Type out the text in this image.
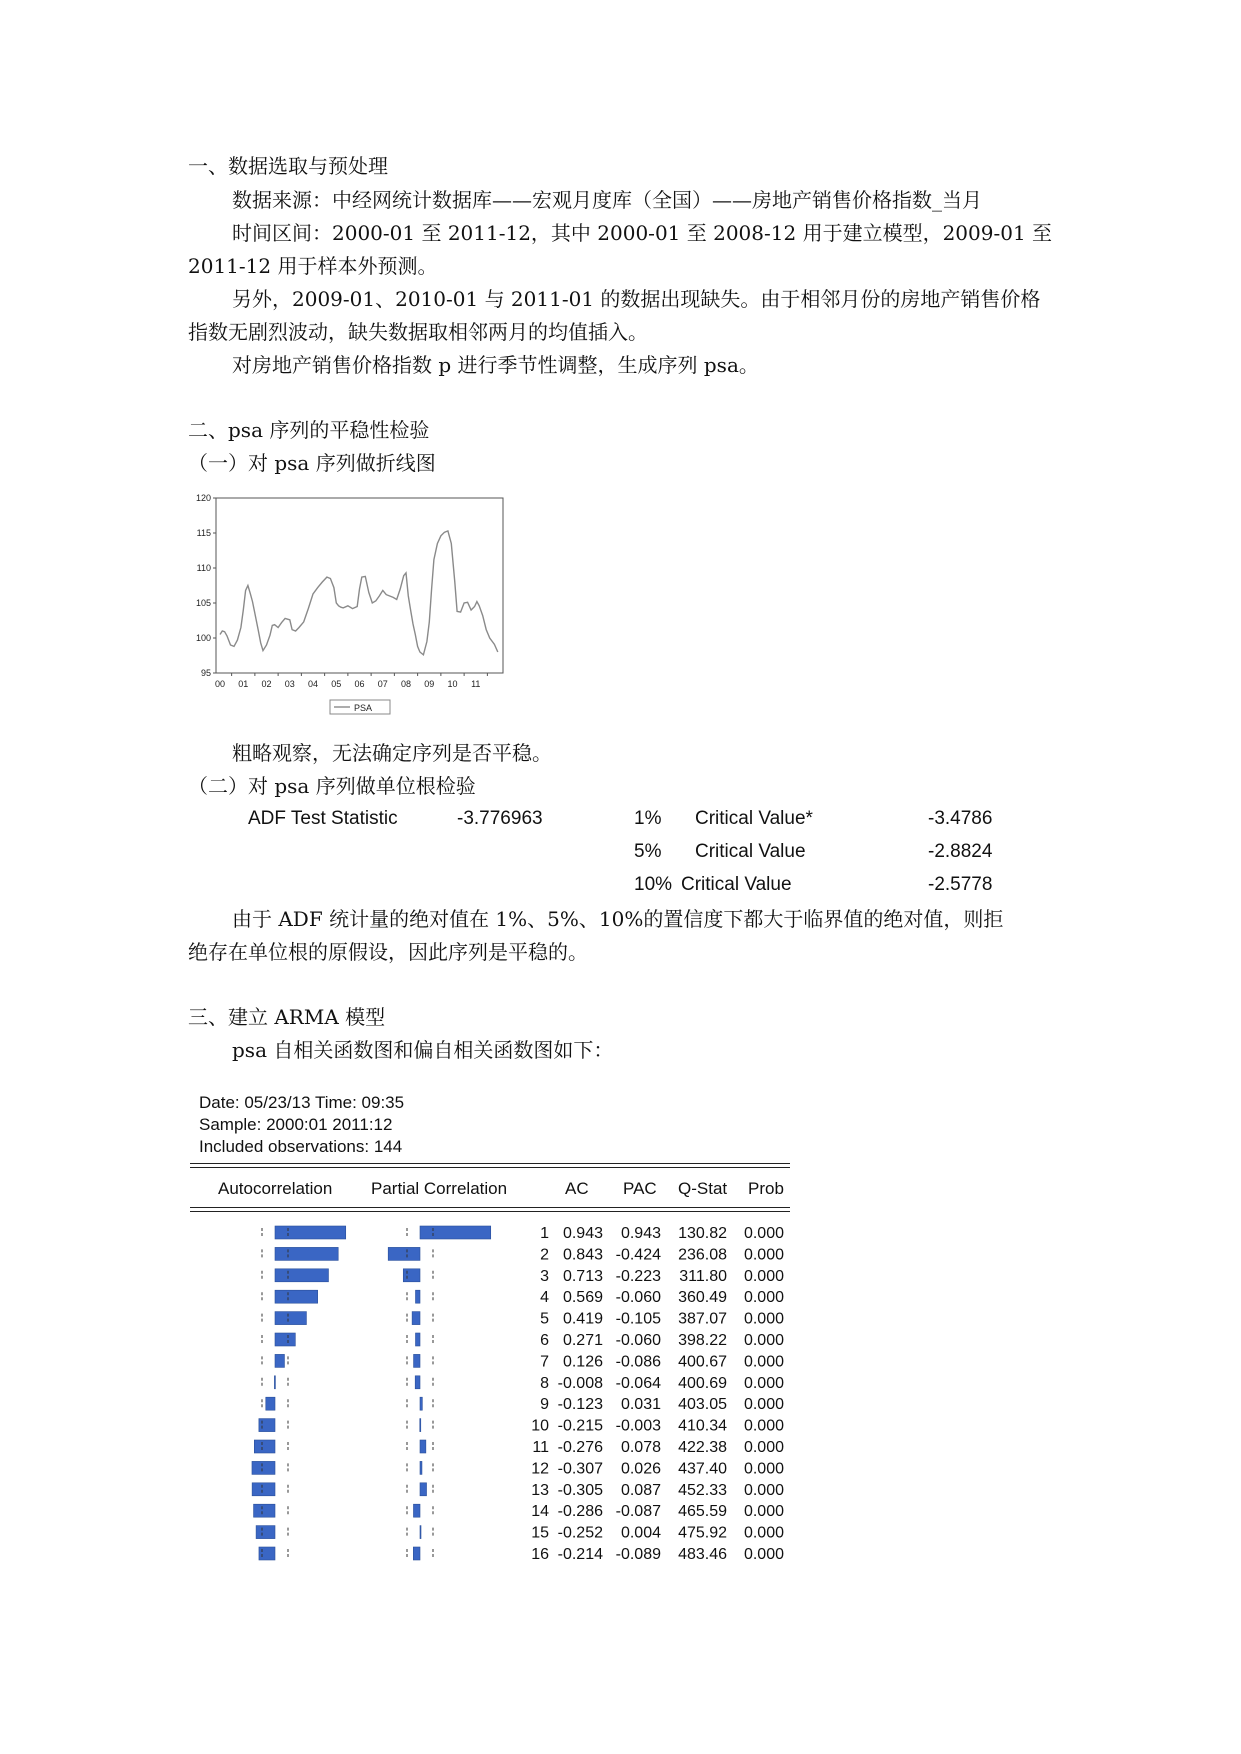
一、数据选取与预处理
数据来源：中经网统计数据库——宏观月度库（全国）——房地产销售价格指数_当月
时间区间：2000-01 至 2011-12，其中 2000-01 至 2008-12 用于建立模型，2009-01 至
2011-12 用于样本外预测。
另外，2009-01、2010-01 与 2011-01 的数据出现缺失。由于相邻月份的房地产销售价格
指数无剧烈波动，缺失数据取相邻两月的均值插入。
对房地产销售价格指数 p 进行季节性调整，生成序列 psa。
二、psa 序列的平稳性检验
（一）对 psa 序列做折线图
95
100
105
110
115
120
00 01 02 03 04 05 06 07 08 09 10 11
PSA
粗略观察，无法确定序列是否平稳。
（二）对 psa 序列做单位根检验
ADF Test Statistic	-3.776963	1% Critical Value*	-3.4786
5% Critical Value	-2.8824
10% Critical Value	-2.5778
由于 ADF 统计量的绝对值在 1%、5%、10%的置信度下都大于临界值的绝对值，则拒
绝存在单位根的原假设，因此序列是平稳的。
三、建立 ARMA 模型
psa 自相关函数图和偏自相关函数图如下：
Date: 05/23/13 Time: 09:35
Sample: 2000:01 2011:12
Included observations: 144
Autocorrelation Partial Correlation	AC PAC Q-Stat Prob
1 0.943 0.943 130.82 0.000
2 0.843 -0.424 236.08 0.000
3 0.713 -0.223 311.80 0.000
4 0.569 -0.060 360.49 0.000
5 0.419 -0.105 387.07 0.000
6 0.271 -0.060 398.22 0.000
7 0.126 -0.086 400.67 0.000
8 -0.008 -0.064 400.69 0.000
9 -0.123 0.031 403.05 0.000
10 -0.215 -0.003 410.34 0.000
11 -0.276 0.078 422.38 0.000
12 -0.307 0.026 437.40 0.000
13 -0.305 0.087 452.33 0.000
14 -0.286 -0.087 465.59 0.000
15 -0.252 0.004 475.92 0.000
16 -0.214 -0.089 483.46 0.000
